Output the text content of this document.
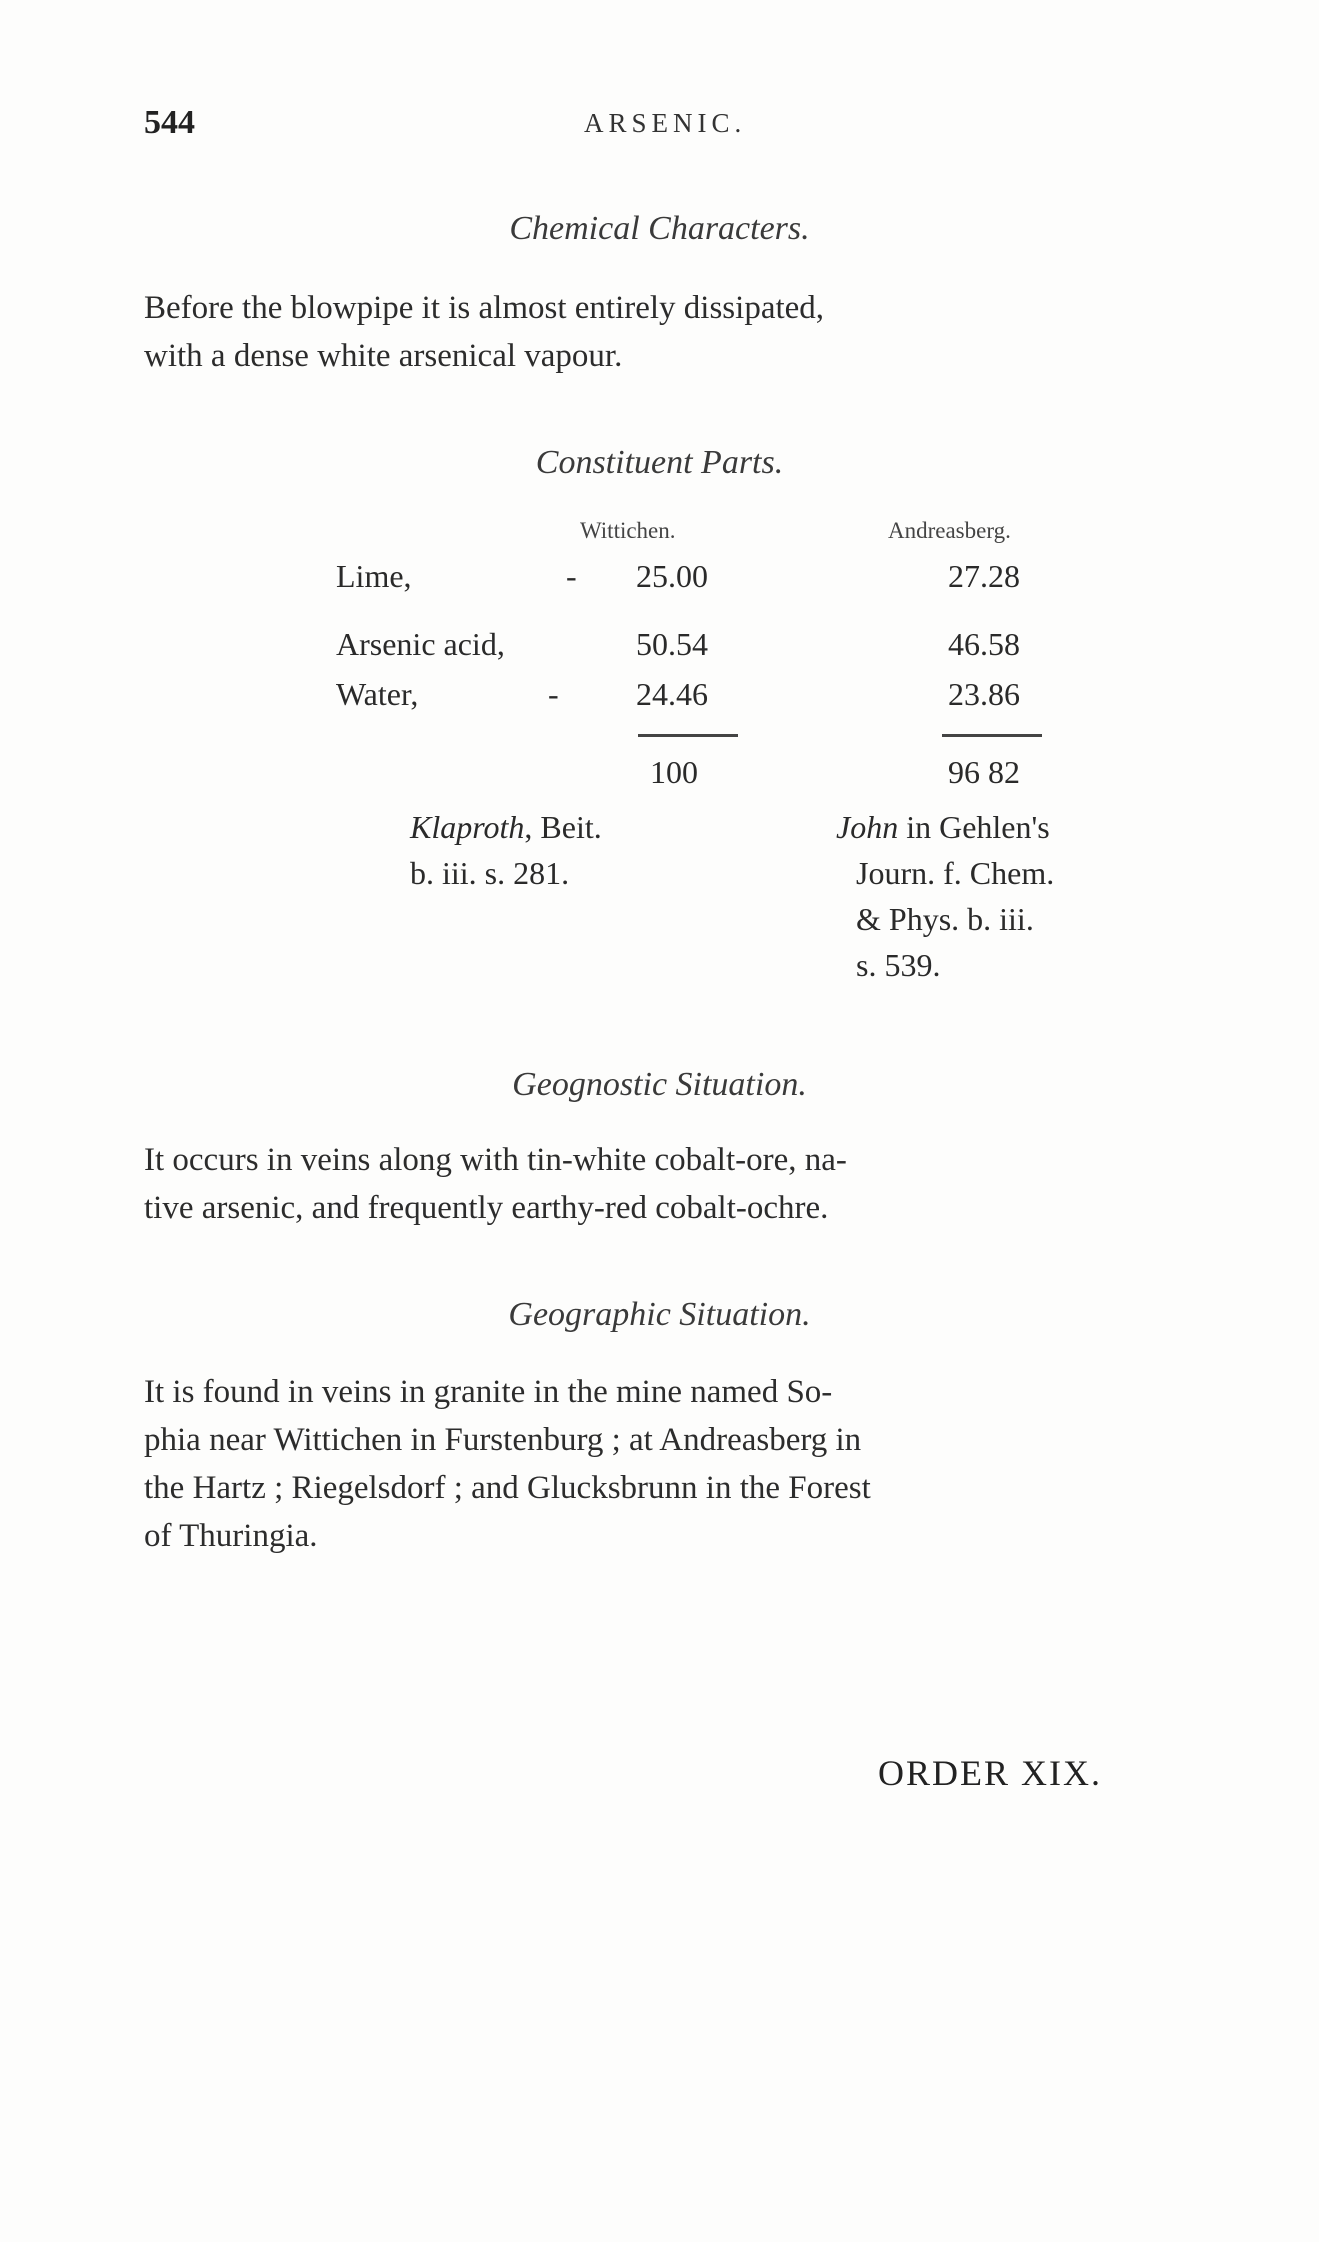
544	ARSENIC.
Chemical Characters.
Before the blowpipe it is almost entirely dissipated,
with a dense white arsenical vapour.
Constituent Parts.
Wittichen.	Andreasberg.
Lime,	- 25.00	27.28
Arsenic acid,	50.54	46.58
Water,	- 24.46	23.86
100	96 82
Klaproth, Beit.
b. iii. s. 281.
John in Gehlen's
Journ. f. Chem.
& Phys. b. iii.
s. 539.
Geognostic Situation.
It occurs in veins along with tin-white cobalt-ore, na-
tive arsenic, and frequently earthy-red cobalt-ochre.
Geographic Situation.
It is found in veins in granite in the mine named So-
phia near Wittichen in Furstenburg ; at Andreasberg in
the Hartz ; Riegelsdorf ; and Glucksbrunn in the Forest
of Thuringia.
ORDER XIX.
